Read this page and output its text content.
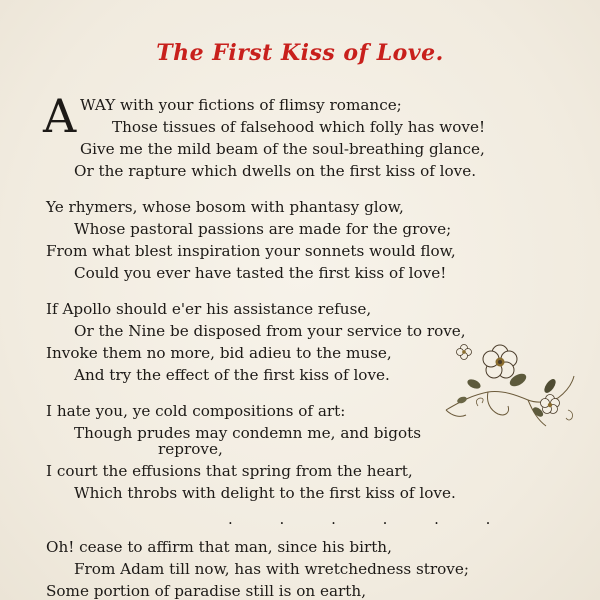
The First Kiss of Love.
A WAY with your fictions of flimsy romance;
Those tissues of falsehood which folly has wove!
Give me the mild beam of the soul-breathing glance,
Or the rapture which dwells on the first kiss of love.
Ye rhymers, whose bosom with phantasy glow,
Whose pastoral passions are made for the grove;
From what blest inspiration your sonnets would flow,
Could you ever have tasted the first kiss of love!
If Apollo should e'er his assistance refuse,
Or the Nine be disposed from your service to rove,
Invoke them no more, bid adieu to the muse,
And try the effect of the first kiss of love.
I hate you, ye cold compositions of art:
Though prudes may condemn me, and bigots
reprove,
I court the effusions that spring from the heart,
Which throbs with delight to the first kiss of love.
. . . . . .
Oh! cease to affirm that man, since his birth,
From Adam till now, has with wretchedness strove;
Some portion of paradise still is on earth,
